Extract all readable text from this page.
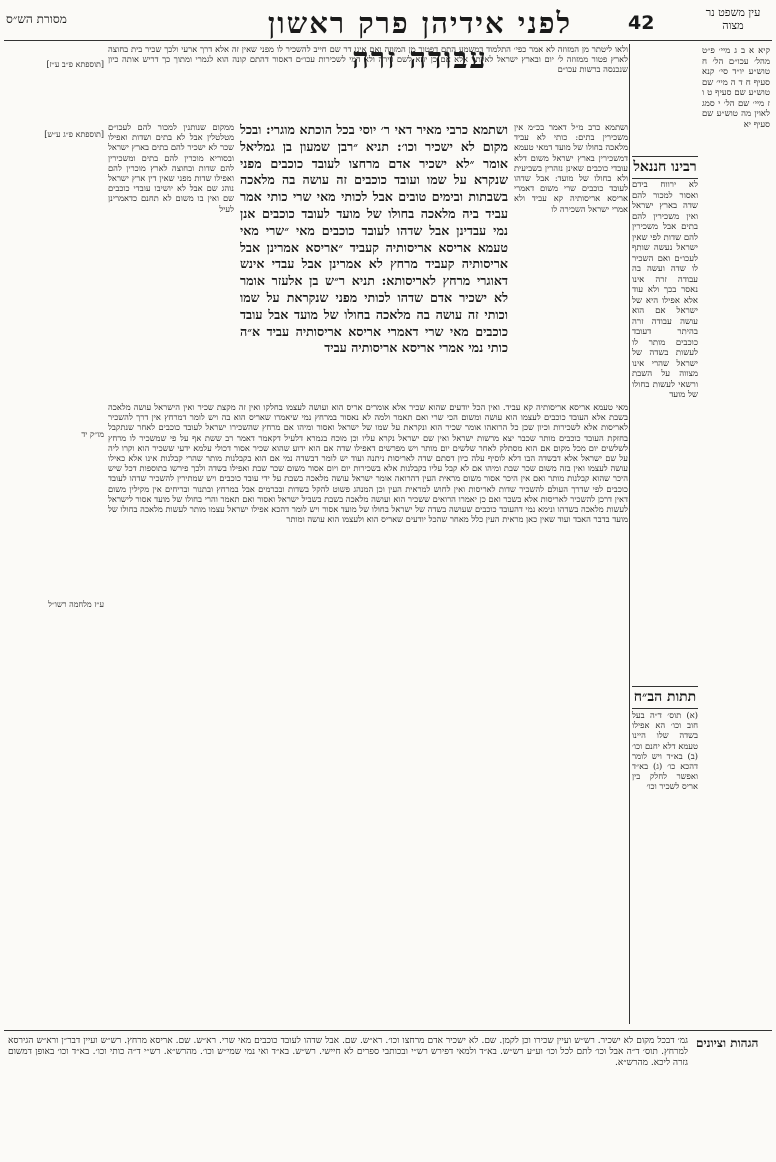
מסורת הש״ס	לפני אידיהן פרק ראשון עבודה זרה
42	עין משפט נר מצוה
קיא א ב ג מיי׳ פ״ט מהל׳ עכו״ם הל׳ ח טוש״ע יו״ד סי׳ קנא סעיף ח ד ה מיי׳ שם טוש״ע שם סעיף ט ו ז מיי׳ שם הל׳ י סמג לאוין מה טוש״ע שם סעיף יא
רבינו חננאל
לא ירווח בידם ואסור למכור להם שדה בארץ ישראל ואין משכירין להם בתים אבל משכירין להם שדות לפי שאין ישראל נעשה שותף לעכו״ם ואם השכיר לו שדה ועשה בה עבודה זרה אינו נאסר בכך ולא עוד אלא אפילו היא של ישראל אם הוא עושה עבודה זרה בהיתר דעובד כוכבים מותר לו לעשות בשדה של ישראל שהרי אינו מצווה על השבת ורשאי לעשות בחולו של מועד
תתות הב״ח
(א) תוס׳ ד״ה בעל חוב וכו׳ הא אפילו בשדה שלו היינו טעמא דלא יחנם וכו׳ (ב) בא״ד ויש לומר דהכא כו׳ (ג) בא״ד ואפשר לחלק בין אריס לשכיר וכו׳
ולאו ליטתר מן המזוזה לא אמר כפי׳ התלמוד דמשמע התם דפטור מן המזוזה ואם אינו דר שם חייב להשכיר לו מפני שאין זה אלא דרך ארעי ולכך שכיר בית בחוצה לארץ פטור ממזוזה ל׳ יום ובארץ ישראל לאלתר אלא אם כן יהא לשם דירה ולא דמי לשכירות עכו״ם דאסור דהתם קונה הוא לגמרי ומתוך כך דריש אותה כיון שנכנסה ברשות עכו״ם
ממקום שנותנין למכור להם לעכו״ם מטלטלין אבל לא בתים ושדות ואפילו שכר לא ישכיר להם בתים בארץ ישראל ובסוריא מוכרין להם בתים ומשכירין להם שדות ובחוצה לארץ מוכרין להם ואפילו שדות מפני שאין דין ארץ ישראל נוהג שם אבל לא יושיבו עובדי כוכבים שם ואין בו משום לא תחנם כדאמרינן לעיל
ושתמא כרבי מאיר דאי ר׳ יוסי בכל הוכתא מוגרי: ובכל מקום לא ישכיר וכו׳: תניא ״רבן שמעון בן גמליאל אומר ״לא ישכיר אדם מרחצו לעובד כוכבים מפני שנקרא על שמו ועובד כוכבים זה עושה בה מלאכה בשבתות ובימים טובים אבל לכותי מאי שרי כותי אמר עביד ביה מלאכה בחולו של מועד לעובד כוכבים אנן נמי עבדינן אבל שדהו לעובד כוכבים מאי ״שרי מאי טעמא אריסא אריסותיה קעביד ״אריסא אמרינן אבל אריסותיה קעביד מרחץ לא אמרינן אבל עבדי אינש דאוגרי מרחץ לאריסותא: תניא ר״ש בן אלעזר אומר לא ישכיר אדם שדהו לכותי מפני שנקראת על שמו וכותי זה עושה בה מלאכה בחולו של מועד אבל עובד כוכבים מאי שרי דאמרי אריסא אריסותיה עביד א״ה כותי נמי אמרי אריסא אריסותיה עביד
ושתמא כרב מ״ל דאמר בכ״מ אין משכירין בתים: כותי לא עביד מלאכה בחולו של מועד דמאי טעמא דמשכירין בארץ ישראל משום דלא עובדי כוכבים שאינן נזהרין בשביעית ולא בחולו של מועד: אבל שדהו לעובד כוכבים שרי משום דאמרי אריסא אריסותיה קא עביד ולא אמרי ישראל השכירה לו
מאי טעמא אריסא אריסותיה קא עביד. ואין הכל יודעים שהוא שכיר אלא אומרים אריס הוא ועושה לעצמו בחלקו ואין זה מקצת שכיר ואין הישראל עושה מלאכה בשבת אלא העובד כוכבים לעצמו הוא עושה ומשום הכי שרי ואם תאמר ולמה לא נאסור במרחץ נמי שיאמרו שאריס הוא בה ויש לומר דמרחץ אין דרך להשכיר לאריסות אלא לשכירות וכיון שכן כל הרואהו אומר שכיר הוא ונקראת על שמו של ישראל ואסור ומיהו אם מרחץ שהשכירו ישראל לעובד כוכבים לאחר שנתקבל בחזקת העובד כוכבים מותר שכבר יצא מרשות ישראל ואין שם ישראל נקרא עליו וכן מוכח בגמרא דלעיל דקאמר דאמר רב ששת אף על פי שמשכיר לו מרחץ לשלשים יום מכל מקום אם הוא מסתלק לאחר שלשים יום מותר ויש מפרשים דאפילו שדה אם הוא ידוע שהוא שכיר אסור דכולי עלמא ידעי ששכיר הוא וקרו ליה על שם ישראל אלא דבשדה הבו דלא לוסיף עלה כיון דסתם שדה לאריסות ניתנה ועוד יש לומר דבשדה נמי אם הוא בקבלנות מותר שהרי קבלנות אינו אלא כאילו עושה לעצמו ואין בזה משום שכר שבת ומיהו אם לא קבל עליו בקבלנות אלא בשכירות יום ויום אסור משום שכר שבת ואפילו בשדה ולכך פירשו בתוספות דכל שיש היכר שהוא קבלנות מותר ואם אין היכר אסור משום מראית העין דהרואה אומר ישראל עושה מלאכה בשבת על ידי עובד כוכבים ויש שמתירין להשכיר שדהו לעובד כוכבים לפי שדרך העולם להשכיר שדות לאריסות ואין לחוש למראית העין וכן המנהג פשוט להקל בשדות ובכרמים אבל במרחץ ובתנור ובריחים אין מקילין משום דאין דרכן להשכיר לאריסות אלא בשכר ואם כן יאמרו הרואים ששכיר הוא ועושה מלאכה בשבת בשביל ישראל ואסור ואם תאמר והרי בחולו של מועד אסור לישראל לעשות מלאכה בשדהו ונימא נמי דהעובד כוכבים שעושה בשדה של ישראל בחולו של מועד אסור ויש לומר דהכא אפילו ישראל עצמו מותר לעשות מלאכה בחולו של מועד בדבר האבד ועוד שאין כאן מראית העין כלל מאחר שהכל יודעים שאריס הוא ולעצמו הוא עושה ומותר
[תוספתא פ״ב ע״ז]
[תוספתא פ״ג ע״ש]
מו״ק יד
ע״ז מלחמה רשו״ל
הגהות וציונים
גמ׳ דבכל מקום לא ישכיר. רש״ש ועיין שכירו וכן לקמן. שם. לא ישכיר אדם מרחצו וכו׳. רא״ש. שם. אבל שדהו לעובד כוכבים מאי שרי. רא״ש. שם. אריסא מרחץ. רש״ש ועיין דבר״ן ורא״ש הגירסא למרחץ. תוס׳ ד״ה אבל וכו׳ לתם לכל וכו׳ וע״ע רש״ש. בא״ד ולמאי דפירש רש״י ובכותבי ספרים לא חיישי. רש״ש. בא״ד ואי נמי שמי״ש וכו׳. מהרש״א. רש״י ד״ה כותי וכו׳. בא״ד וכו׳ באופן דמשום גזרה ליכא. מהרש״א.
